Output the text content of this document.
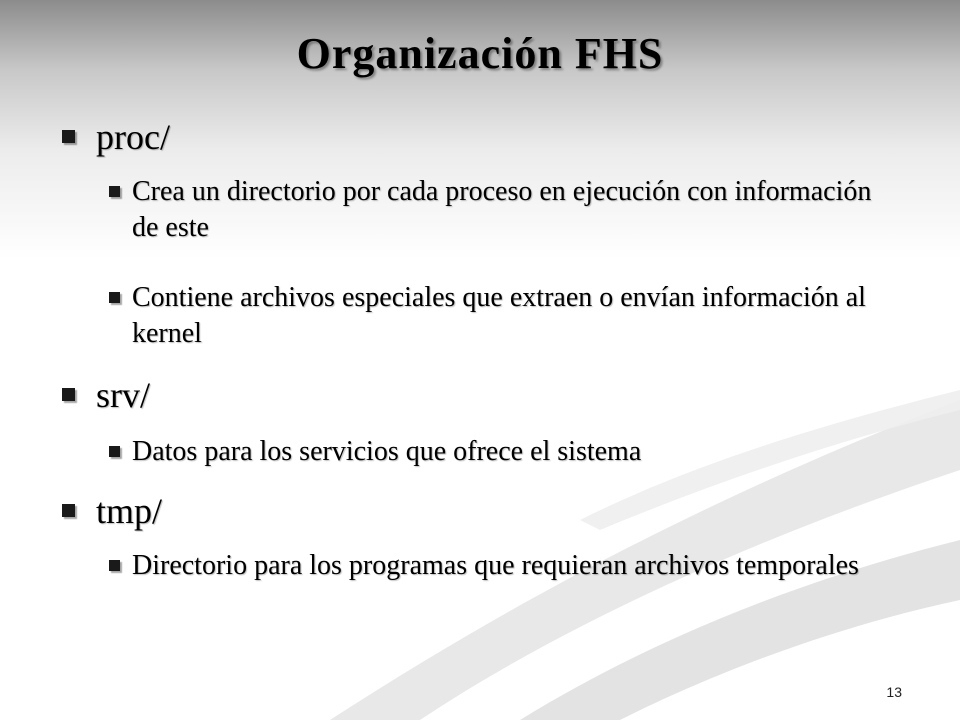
Organización FHS
proc/
Crea un directorio por cada proceso en ejecución con información de este
Contiene archivos especiales que extraen o envían información al kernel
srv/
Datos para los servicios que ofrece el sistema
tmp/
Directorio para los programas que requieran archivos temporales
13
